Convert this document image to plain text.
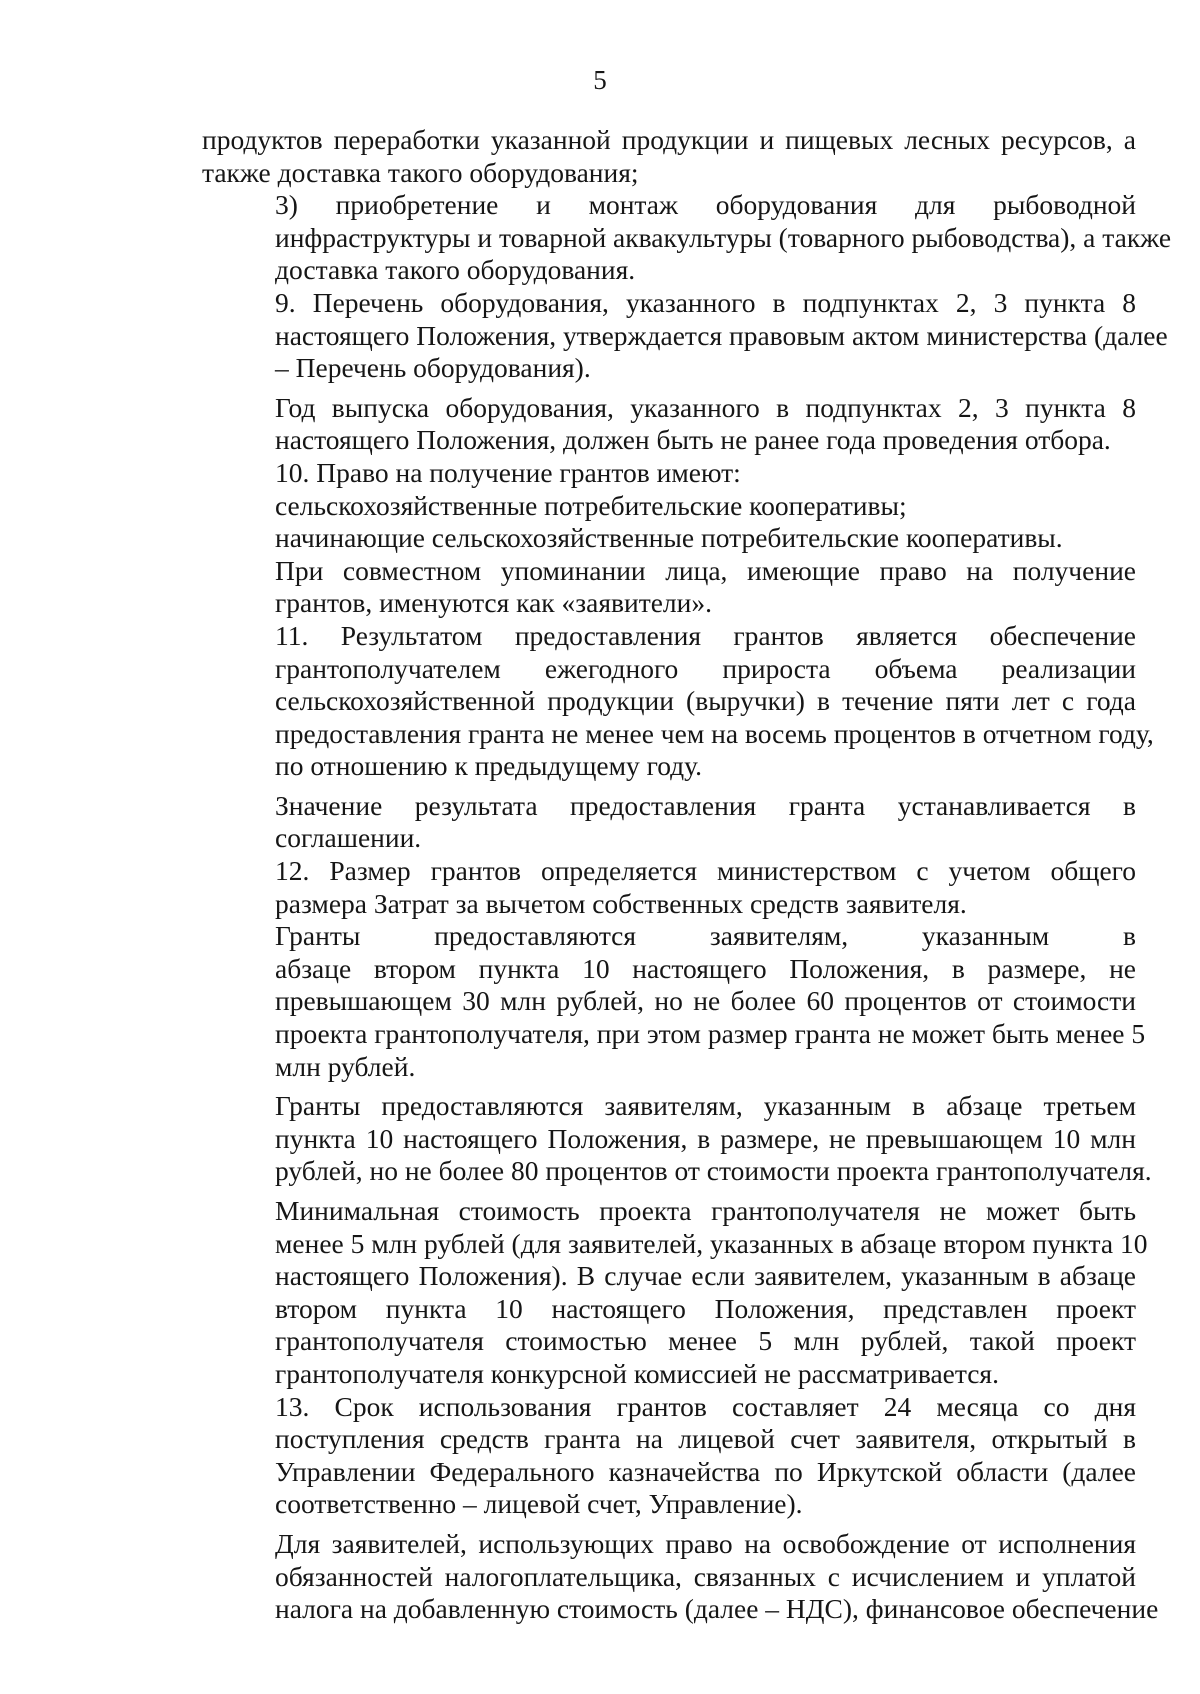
5
продуктов переработки указанной продукции и пищевых лесных ресурсов, а
также доставка такого оборудования;
3) приобретение и монтаж оборудования для рыбоводной
инфраструктуры и товарной аквакультуры (товарного рыбоводства), а также
доставка такого оборудования.
9. Перечень оборудования, указанного в подпунктах 2, 3 пункта 8
настоящего Положения, утверждается правовым актом министерства (далее
– Перечень оборудования).
Год выпуска оборудования, указанного в подпунктах 2, 3 пункта 8
настоящего Положения, должен быть не ранее года проведения отбора.
10. Право на получение грантов имеют:
сельскохозяйственные потребительские кооперативы;
начинающие сельскохозяйственные потребительские кооперативы.
При совместном упоминании лица, имеющие право на получение
грантов, именуются как «заявители».
11. Результатом предоставления грантов является обеспечение
грантополучателем ежегодного прироста объема реализации
сельскохозяйственной продукции (выручки) в течение пяти лет с года
предоставления гранта не менее чем на восемь процентов в отчетном году,
по отношению к предыдущему году.
Значение результата предоставления гранта устанавливается в
соглашении.
12. Размер грантов определяется министерством с учетом общего
размера Затрат за вычетом собственных средств заявителя.
Гранты предоставляются заявителям, указанным в
абзаце втором пункта 10 настоящего Положения, в размере, не
превышающем 30 млн рублей, но не более 60 процентов от стоимости
проекта грантополучателя, при этом размер гранта не может быть менее 5
млн рублей.
Гранты предоставляются заявителям, указанным в абзаце третьем
пункта 10 настоящего Положения, в размере, не превышающем 10 млн
рублей, но не более 80 процентов от стоимости проекта грантополучателя.
Минимальная стоимость проекта грантополучателя не может быть
менее 5 млн рублей (для заявителей, указанных в абзаце втором пункта 10
настоящего Положения). В случае если заявителем, указанным в абзаце
втором пункта 10 настоящего Положения, представлен проект
грантополучателя стоимостью менее 5 млн рублей, такой проект
грантополучателя конкурсной комиссией не рассматривается.
13. Срок использования грантов составляет 24 месяца со дня
поступления средств гранта на лицевой счет заявителя, открытый в
Управлении Федерального казначейства по Иркутской области (далее
соответственно – лицевой счет, Управление).
Для заявителей, использующих право на освобождение от исполнения
обязанностей налогоплательщика, связанных с исчислением и уплатой
налога на добавленную стоимость (далее – НДС), финансовое обеспечение
